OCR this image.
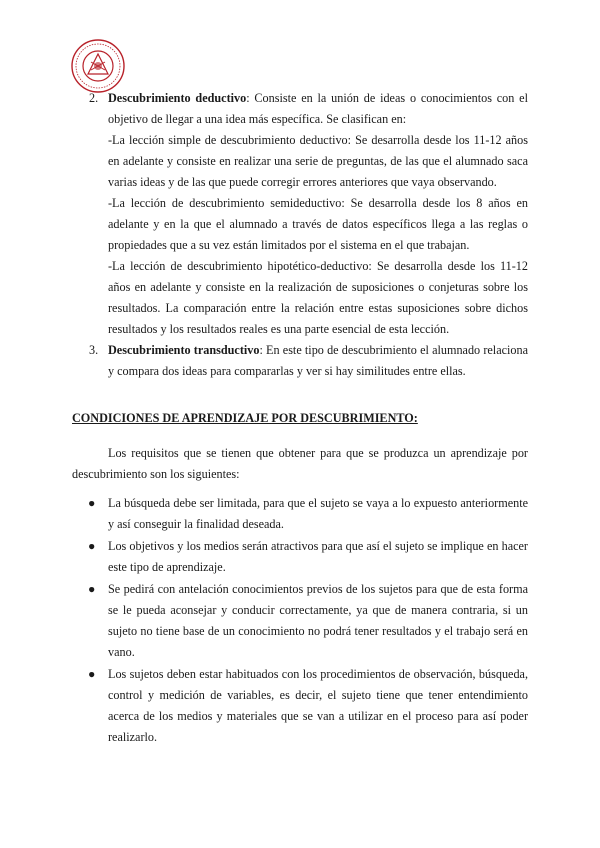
2. Descubrimiento deductivo: Consiste en la unión de ideas o conocimientos con el objetivo de llegar a una idea más específica. Se clasifican en:
-La lección simple de descubrimiento deductivo: Se desarrolla desde los 11-12 años en adelante y consiste en realizar una serie de preguntas, de las que el alumnado saca varias ideas y de las que puede corregir errores anteriores que vaya observando.
-La lección de descubrimiento semideductivo: Se desarrolla desde los 8 años en adelante y en la que el alumnado a través de datos específicos llega a las reglas o propiedades que a su vez están limitados por el sistema en el que trabajan.
-La lección de descubrimiento hipotético-deductivo: Se desarrolla desde los 11-12 años en adelante y consiste en la realización de suposiciones o conjeturas sobre los resultados. La comparación entre la relación entre estas suposiciones sobre dichos resultados y los resultados reales es una parte esencial de esta lección.
3. Descubrimiento transductivo: En este tipo de descubrimiento el alumnado relaciona y compara dos ideas para compararlas y ver si hay similitudes entre ellas.
CONDICIONES DE APRENDIZAJE POR DESCUBRIMIENTO:
Los requisitos que se tienen que obtener para que se produzca un aprendizaje por descubrimiento son los siguientes:
● La búsqueda debe ser limitada, para que el sujeto se vaya a lo expuesto anteriormente y así conseguir la finalidad deseada.
● Los objetivos y los medios serán atractivos para que así el sujeto se implique en hacer este tipo de aprendizaje.
● Se pedirá con antelación conocimientos previos de los sujetos para que de esta forma se le pueda aconsejar y conducir correctamente, ya que de manera contraria, si un sujeto no tiene base de un conocimiento no podrá tener resultados y el trabajo será en vano.
● Los sujetos deben estar habituados con los procedimientos de observación, búsqueda, control y medición de variables, es decir, el sujeto tiene que tener entendimiento acerca de los medios y materiales que se van a utilizar en el proceso para así poder realizarlo.
